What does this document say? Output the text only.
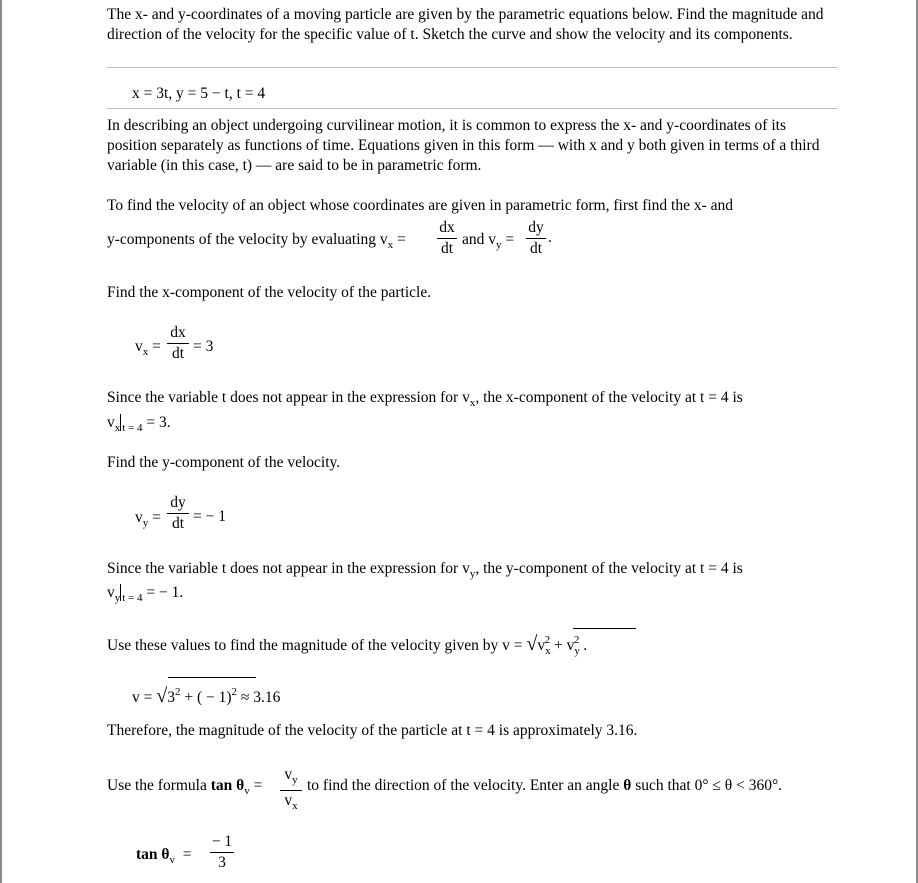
The x- and y-coordinates of a moving particle are given by the parametric equations below. Find the magnitude and direction of the velocity for the specific value of t. Sketch the curve and show the velocity and its components.

x = 3t, y = 5 − t, t = 4

In describing an object undergoing curvilinear motion, it is common to express the x- and y-coordinates of its position separately as functions of time. Equations given in this form — with x and y both given in terms of a third variable (in this case, t) — are said to be in parametric form.

To find the velocity of an object whose coordinates are given in parametric form, first find the x- and
y-components of the velocity by evaluating $v_x = \frac{dx}{dt}$ and $v_y = \frac{dy}{dt}$ .
Find the x-component of the velocity of the particle.
$v_x = \frac{dx}{dt} = 3$
Since the variable t does not appear in the expression for $v_x$, the x-component of the velocity at t = 4 is
$v_x$ $_{t = 4}$ = 3.
Find the y-component of the velocity.
$v_y = \frac{dy}{dt}$ = − 1
Since the variable t does not appear in the expression for $v_y$, the y-component of the velocity at t = 4 is
$v_y$ $_{t = 4}$ = − 1.
Use these values to find the magnitude of the velocity given by $v = √v_x^2 + v_y^2$ .
$v = √3^2$ + ( − 1)$^2$ ≈ 3.16
Therefore, the magnitude of the velocity of the particle at t = 4 is approximately 3.16.
Use the formula $\tan \theta_v = \frac{v_y}{v_x}$ to find the direction of the velocity. Enter an angle θ such that 0° ≤ θ < 360°.
$\tan \theta_v = \frac{- 1}{3}$
